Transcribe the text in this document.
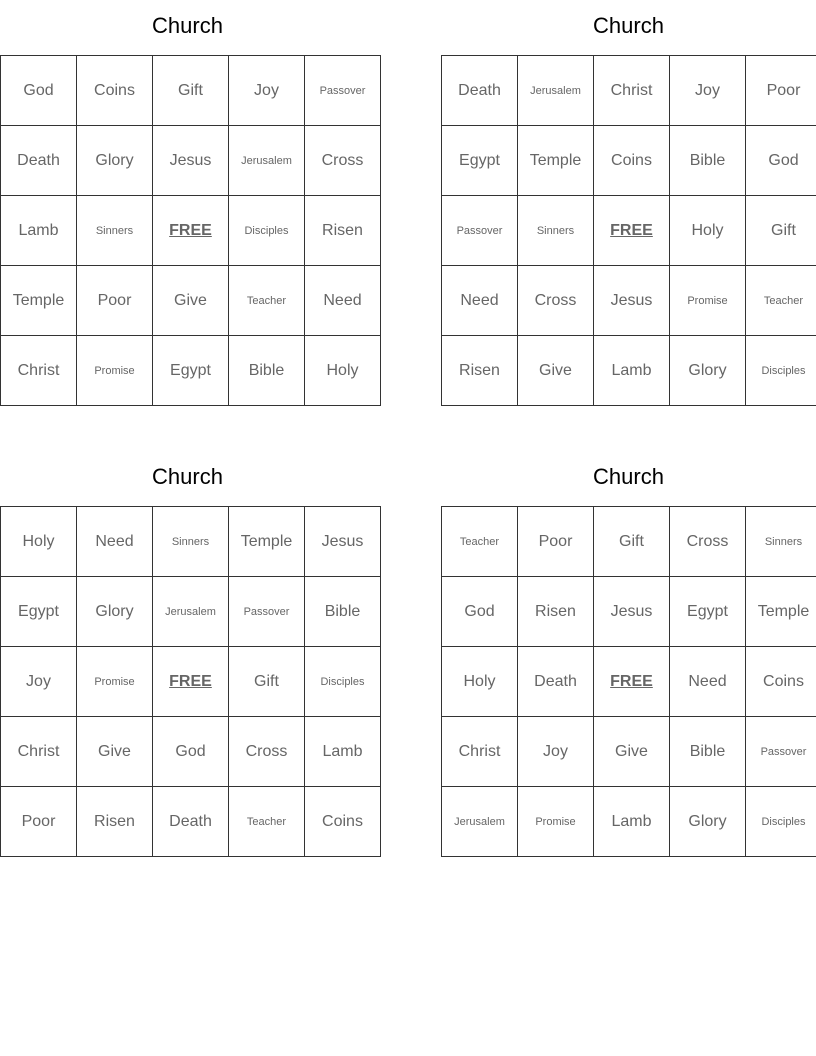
Church
God	Coins	Gift	Joy	Passover
Death	Glory	Jesus	Jerusalem	Cross
Lamb	Sinners	FREE	Disciples	Risen
Temple	Poor	Give	Teacher	Need
Christ	Promise	Egypt	Bible	Holy
Church
Death	Jerusalem	Christ	Joy	Poor
Egypt	Temple	Coins	Bible	God
Passover	Sinners	FREE	Holy	Gift
Need	Cross	Jesus	Promise	Teacher
Risen	Give	Lamb	Glory	Disciples
Church
Holy	Need	Sinners	Temple	Jesus
Egypt	Glory	Jerusalem	Passover	Bible
Joy	Promise	FREE	Gift	Disciples
Christ	Give	God	Cross	Lamb
Poor	Risen	Death	Teacher	Coins
Church
Teacher	Poor	Gift	Cross	Sinners
God	Risen	Jesus	Egypt	Temple
Holy	Death	FREE	Need	Coins
Christ	Joy	Give	Bible	Passover
Jerusalem	Promise	Lamb	Glory	Disciples
